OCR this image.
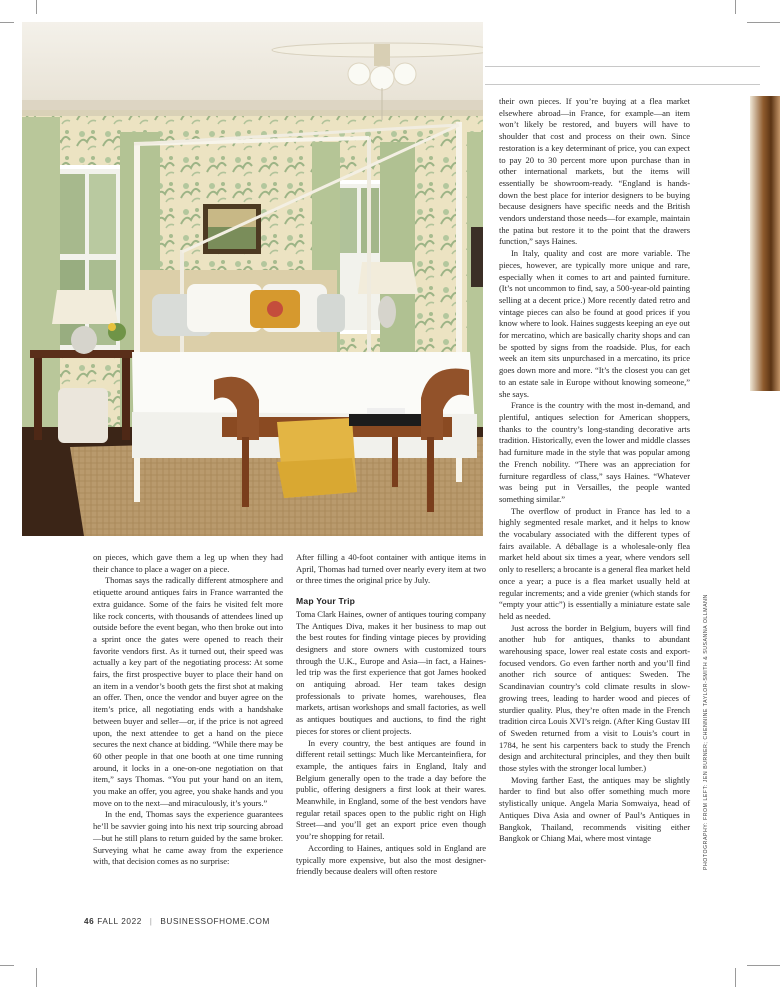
on pieces, which gave them a leg up when they had their chance to place a wager on a piece.

Thomas says the radically different atmosphere and etiquette around antiques fairs in France warranted the extra guidance. Some of the fairs he visited felt more like rock concerts, with thousands of attendees lined up outside before the event began, who then broke out into a sprint once the gates were opened to reach their favorite vendors first. As it turned out, their speed was actually a key part of the negotiating process: At some fairs, the first prospective buyer to place their hand on an item in a vendor’s booth gets the first shot at making an offer. Then, once the vendor and buyer agree on the item’s price, all negotiating ends with a handshake between buyer and seller—or, if the price is not agreed upon, the next attendee to get a hand on the piece secures the next chance at bidding. “While there may be 60 other people in that one booth at one time running around, it locks in a one-on-one negotiation on that item,” says Thomas. “You put your hand on an item, you make an offer, you agree, you shake hands and you move on to the next—and miraculously, it’s yours.”

In the end, Thomas says the experience guarantees he’ll be savvier going into his next trip sourcing abroad—but he still plans to return guided by the same broker. Surveying what he came away from the experience with, that decision comes as no surprise:

After filling a 40-foot container with antique items in April, Thomas had turned over nearly every item at two or three times the original price by July.

Map Your Trip

Toma Clark Haines, owner of antiques touring company The Antiques Diva, makes it her business to map out the best routes for finding vintage pieces by providing designers and store owners with customized tours through the U.K., Europe and Asia—in fact, a Haines-led trip was the first experience that got James hooked on antiquing abroad. Her team takes design professionals to private homes, warehouses, flea markets, artisan workshops and small factories, as well as antiques boutiques and auctions, to find the right pieces for stores or client projects.

In every country, the best antiques are found in different retail settings: Much like Mercanteinfiera, for example, the antiques fairs in England, Italy and Belgium generally open to the trade a day before the public, offering designers a first look at their wares. Meanwhile, in England, some of the best vendors have regular retail spaces open to the public right on High Street—and you’ll get an export price even though you’re shopping for retail.

According to Haines, antiques sold in England are typically more expensive, but also the most designer-friendly because dealers will often restore

their own pieces. If you’re buying at a flea market elsewhere abroad—in France, for example—an item won’t likely be restored, and buyers will have to shoulder that cost and process on their own. Since restoration is a key determinant of price, you can expect to pay 20 to 30 percent more upon purchase than in other international markets, but the items will essentially be showroom-ready. “England is hands-down the best place for interior designers to be buying because designers have specific needs and the British vendors understand those needs—for example, maintain the patina but restore it to the point that the drawers function,” says Haines.

In Italy, quality and cost are more variable. The pieces, however, are typically more unique and rare, especially when it comes to art and painted furniture. (It’s not uncommon to find, say, a 500-year-old painting selling at a decent price.) More recently dated retro and vintage pieces can also be found at good prices if you know where to look. Haines suggests keeping an eye out for mercatino, which are basically charity shops and can be spotted by signs from the roadside. Plus, for each week an item sits unpurchased in a mercatino, its price goes down more and more. “It’s the closest you can get to an estate sale in Europe without knowing someone,” she says.

France is the country with the most in-demand, and plentiful, antiques selection for American shoppers, thanks to the country’s long-standing decorative arts tradition. Historically, even the lower and middle classes had furniture made in the style that was popular among the French nobility. “There was an appreciation for furniture regardless of class,” says Haines. “Whatever was being put in Versailles, the people wanted something similar.”

The overflow of product in France has led to a highly segmented resale market, and it helps to know the vocabulary associated with the different types of fairs available. A déballage is a wholesale-only flea market held about six times a year, where vendors sell only to resellers; a brocante is a general flea market held once a year; a puce is a flea market usually held at regular increments; and a vide grenier (which stands for “empty your attic”) is essentially a miniature estate sale held as needed.

Just across the border in Belgium, buyers will find another hub for antiques, thanks to abundant warehousing space, lower real estate costs and export-focused vendors. Go even farther north and you’ll find another rich source of antiques: Sweden. The Scandinavian country’s cold climate results in slow-growing trees, leading to harder wood and pieces of sturdier quality. Plus, they’re often made in the French tradition circa Louis XVI’s reign. (After King Gustav III of Sweden returned from a visit to Louis’s court in 1784, he sent his carpenters back to study the French design and architectural principles, and they then built those styles with the stronger local lumber.)

Moving farther East, the antiques may be slightly harder to find but also offer something much more stylistically unique. Angela Maria Somwaiya, head of Antiques Diva Asia and owner of Paul’s Antiques in Bangkok, Thailand, recommends visiting either Bangkok or Chiang Mai, where most vintage	PHOTOGRAPHY: FROM LEFT: JEN BURNER; CHENNINE TAYLOR-SMITH & SUSANNA OLLMANN
46 FALL 2022 | BUSINESSOFHOME.COM
